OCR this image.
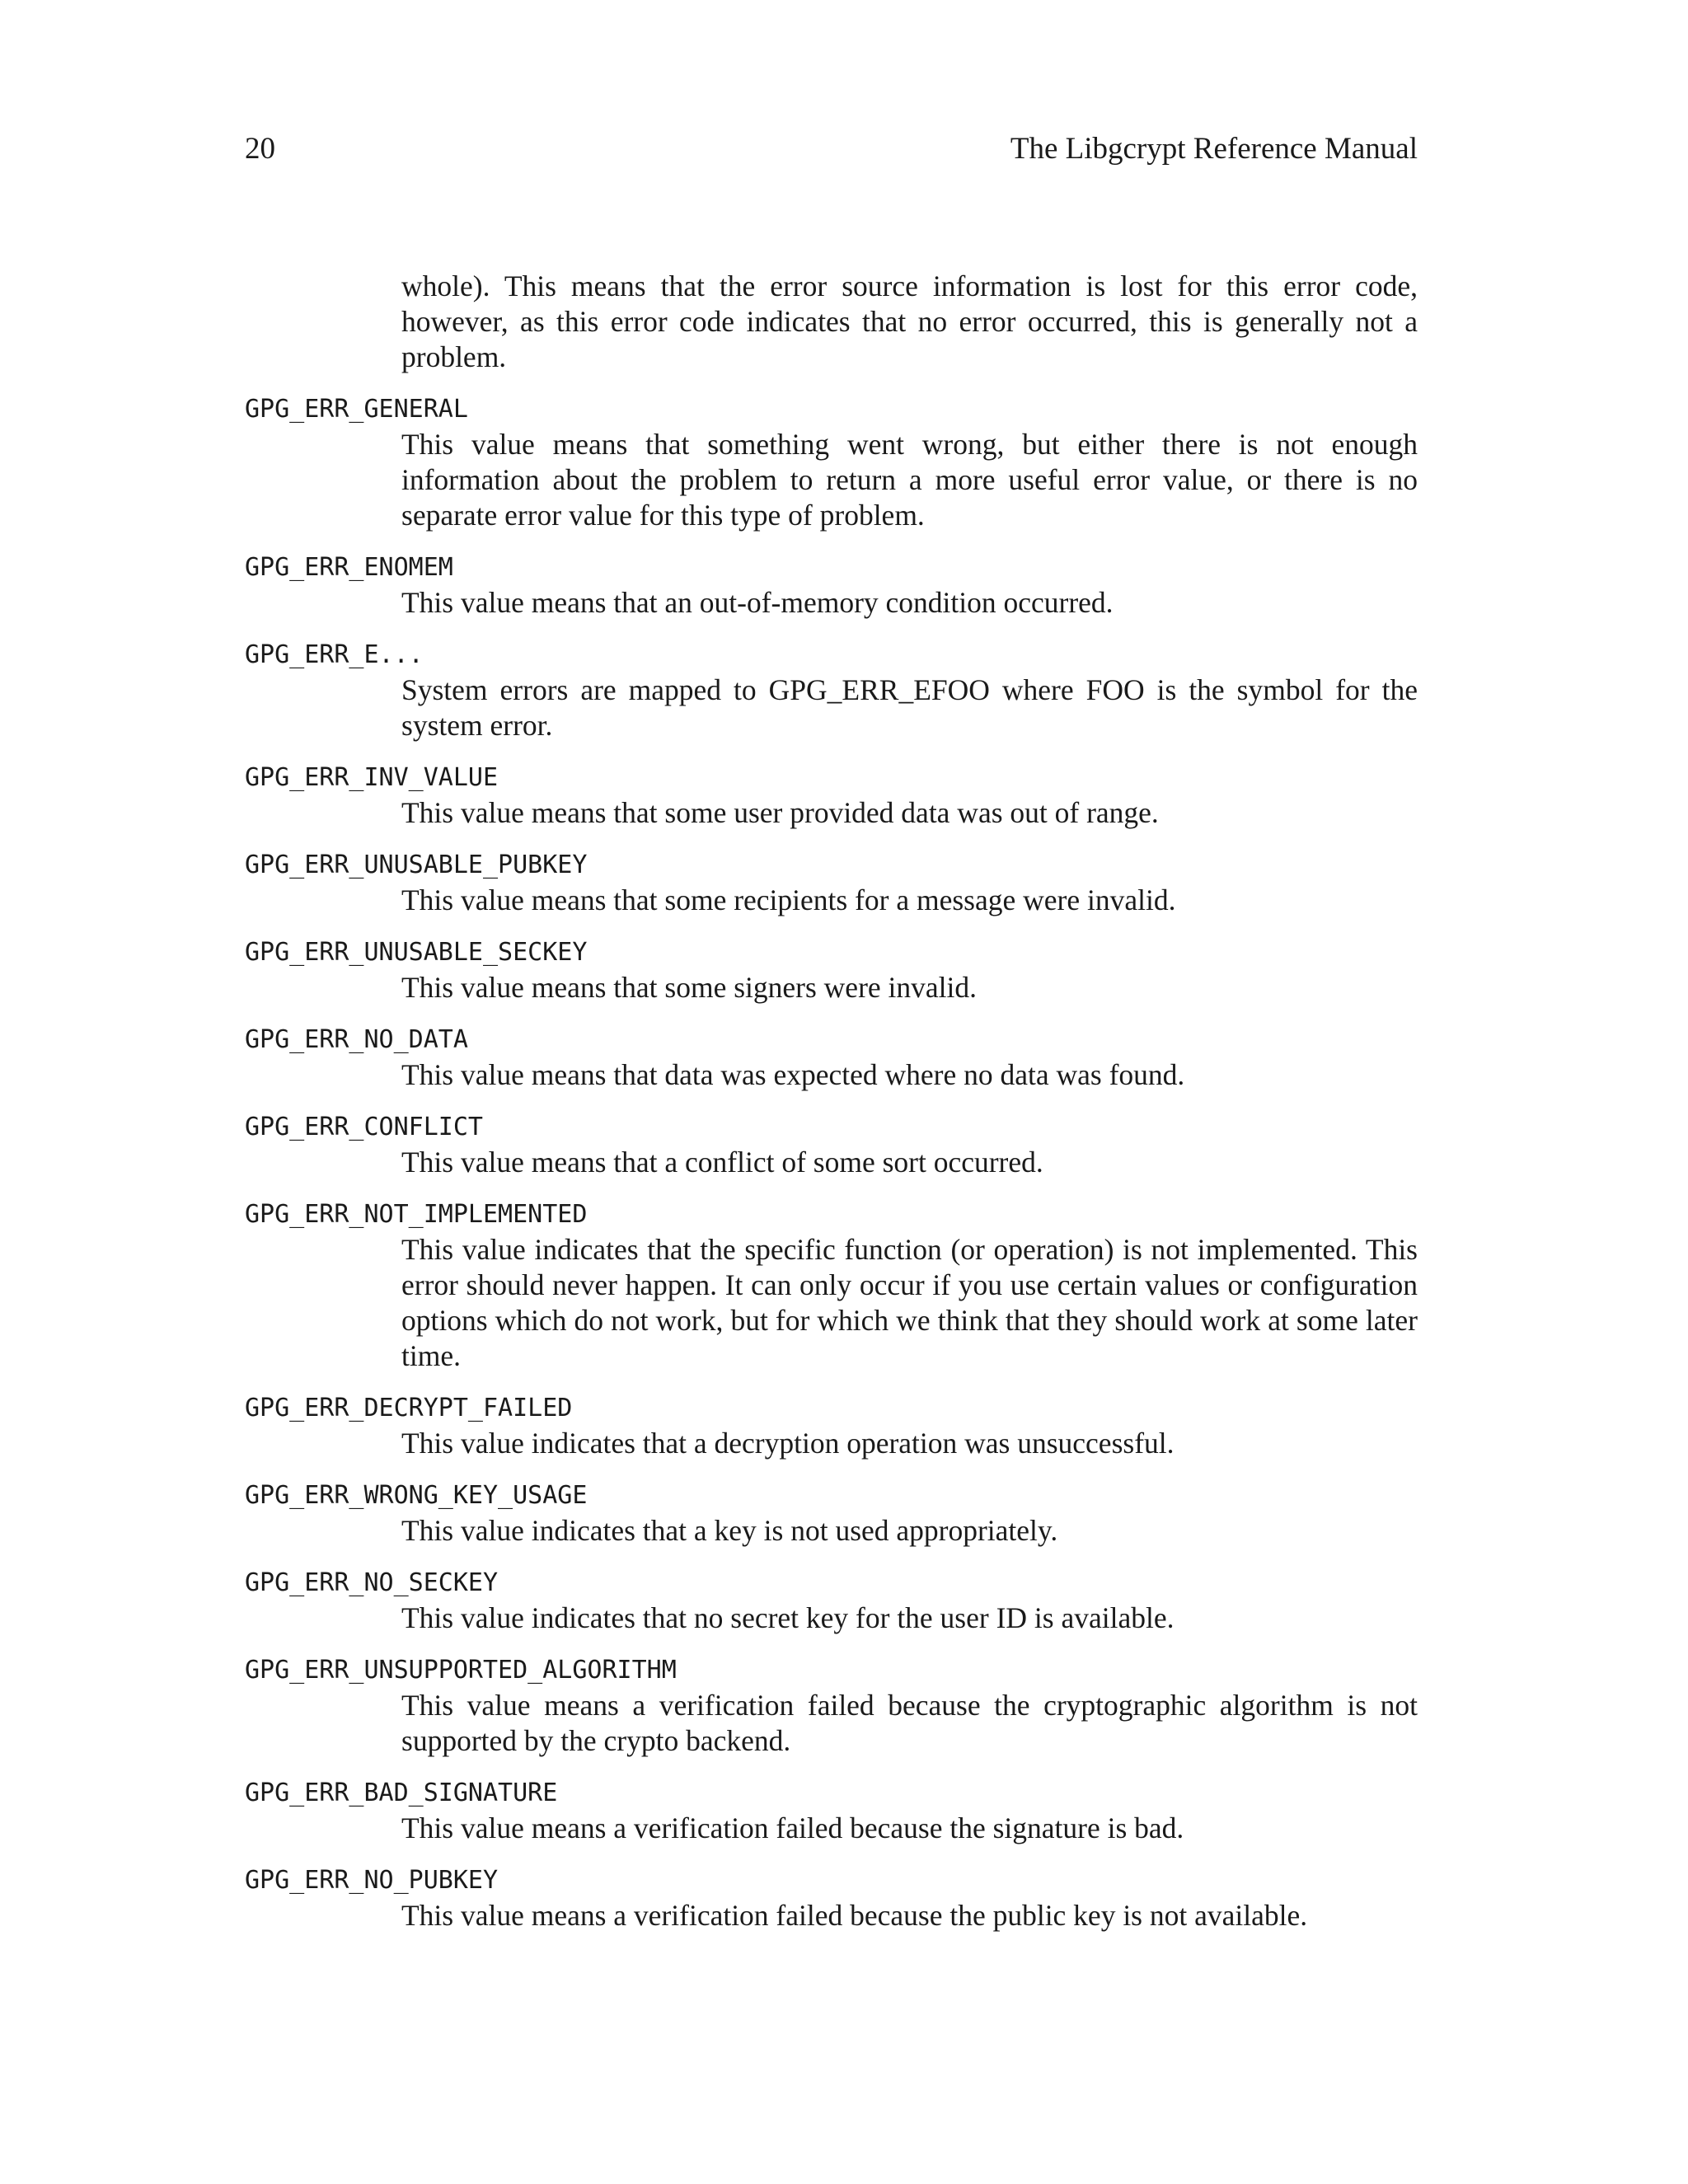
20	The Libgcrypt Reference Manual

whole). This means that the error source information is lost for this error code, however, as this error code indicates that no error occurred, this is generally not a problem.

GPG_ERR_GENERAL

This value means that something went wrong, but either there is not enough information about the problem to return a more useful error value, or there is no separate error value for this type of problem.

GPG_ERR_ENOMEM

This value means that an out-of-memory condition occurred.

GPG_ERR_E...

System errors are mapped to GPG_ERR_EFOO where FOO is the symbol for the system error.

GPG_ERR_INV_VALUE

This value means that some user provided data was out of range.

GPG_ERR_UNUSABLE_PUBKEY

This value means that some recipients for a message were invalid.

GPG_ERR_UNUSABLE_SECKEY

This value means that some signers were invalid.

GPG_ERR_NO_DATA

This value means that data was expected where no data was found.

GPG_ERR_CONFLICT

This value means that a conflict of some sort occurred.

GPG_ERR_NOT_IMPLEMENTED

This value indicates that the specific function (or operation) is not implemented. This error should never happen. It can only occur if you use certain values or configuration options which do not work, but for which we think that they should work at some later time.

GPG_ERR_DECRYPT_FAILED

This value indicates that a decryption operation was unsuccessful.

GPG_ERR_WRONG_KEY_USAGE

This value indicates that a key is not used appropriately.

GPG_ERR_NO_SECKEY

This value indicates that no secret key for the user ID is available.

GPG_ERR_UNSUPPORTED_ALGORITHM

This value means a verification failed because the cryptographic algorithm is not supported by the crypto backend.

GPG_ERR_BAD_SIGNATURE

This value means a verification failed because the signature is bad.

GPG_ERR_NO_PUBKEY

This value means a verification failed because the public key is not available.
